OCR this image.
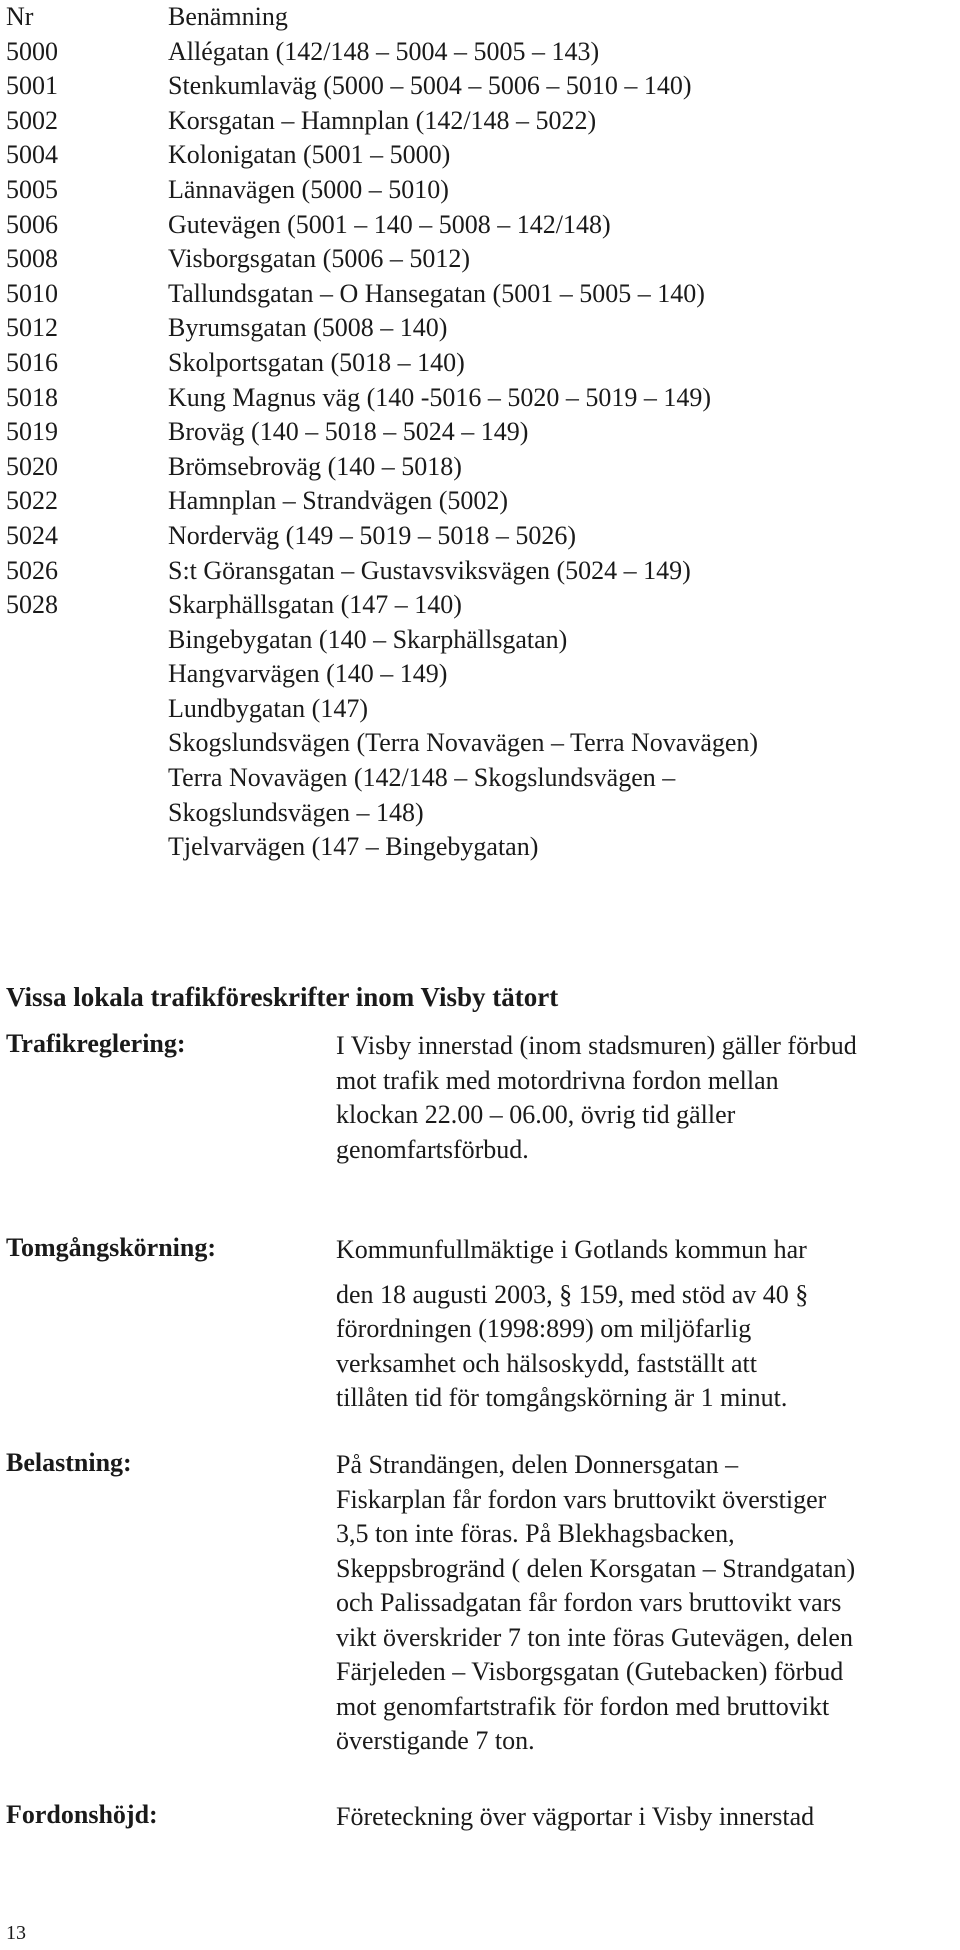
Nr	Benämning
5000	Allégatan (142/148 – 5004 – 5005 – 143)
5001	Stenkumlaväg (5000 – 5004 – 5006 – 5010 – 140)
5002	Korsgatan – Hamnplan (142/148 – 5022)
5004	Kolonigatan (5001 – 5000)
5005	Lännavägen (5000 – 5010)
5006	Gutevägen (5001 – 140 – 5008 – 142/148)
5008	Visborgsgatan (5006 – 5012)
5010	Tallundsgatan – O Hansegatan (5001 – 5005 – 140)
5012	Byrumsgatan (5008 – 140)
5016	Skolportsgatan (5018 – 140)
5018	Kung Magnus väg (140 -5016 – 5020 – 5019 – 149)
5019	Broväg (140 – 5018 – 5024 – 149)
5020	Brömsebroväg (140 – 5018)
5022	Hamnplan – Strandvägen (5002)
5024	Norderväg (149 – 5019 – 5018 – 5026)
5026	S:t Göransgatan – Gustavsviksvägen (5024 – 149)
5028	Skarphällsgatan (147 – 140)
Bingebygatan (140 – Skarphällsgatan)
Hangvarvägen (140 – 149)
Lundbygatan (147)
Skogslundsvägen (Terra Novavägen – Terra Novavägen)
Terra Novavägen (142/148 – Skogslundsvägen –
Skogslundsvägen – 148)
Tjelvarvägen (147 – Bingebygatan)
Vissa lokala trafikföreskrifter inom Visby tätort
Trafikreglering:	I Visby innerstad (inom stadsmuren) gäller förbud

mot trafik med motordrivna fordon mellan

klockan 22.00 – 06.00, övrig tid gäller

genomfartsförbud.

Tomgångskörning:	Kommunfullmäktige i Gotlands kommun har

den 18 augusti 2003, § 159, med stöd av 40 §

förordningen (1998:899) om miljöfarlig

verksamhet och hälsoskydd, fastställt att

tillåten tid för tomgångskörning är 1 minut.

Belastning:	På Strandängen, delen Donnersgatan –

Fiskarplan får fordon vars bruttovikt överstiger

3,5 ton inte föras. På Blekhagsbacken,

Skeppsbrogränd ( delen Korsgatan – Strandgatan)

och Palissadgatan får fordon vars bruttovikt vars

vikt överskrider 7 ton inte föras Gutevägen, delen

Färjeleden – Visborgsgatan (Gutebacken) förbud

mot genomfartstrafik för fordon med bruttovikt

överstigande 7 ton.

Fordonshöjd:	Företeckning över vägportar i Visby innerstad

13
